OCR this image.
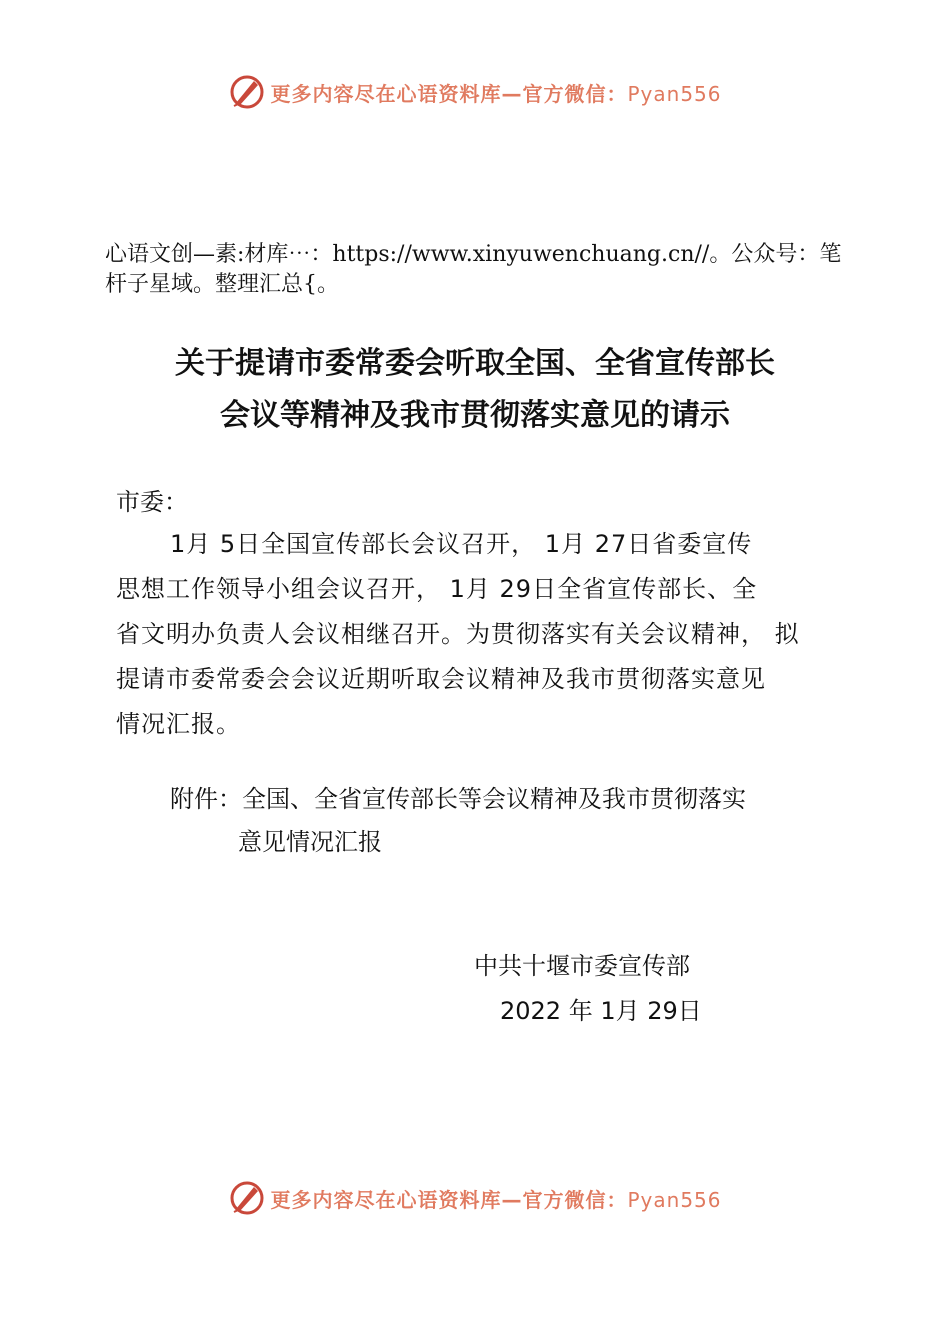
更多内容尽在心语资料库—官方微信：Pyan556
心语文创—素:材库⋯：https://www.xinyuwenchuang.cn//。公众号：笔杆子星域。整理汇总{。
关于提请市委常委会听取全国、全省宣传部长
会议等精神及我市贯彻落实意见的请示
市委：
1月 5日全国宣传部长会议召开， 1月 27日省委宣传
思想工作领导小组会议召开， 1月 29日全省宣传部长、全
省文明办负责人会议相继召开。为贯彻落实有关会议精神， 拟
提请市委常委会会议近期听取会议精神及我市贯彻落实意见
情况汇报。
附件：全国、全省宣传部长等会议精神及我市贯彻落实
意见情况汇报
中共十堰市委宣传部
2022 年 1月 29日
更多内容尽在心语资料库—官方微信：Pyan556
